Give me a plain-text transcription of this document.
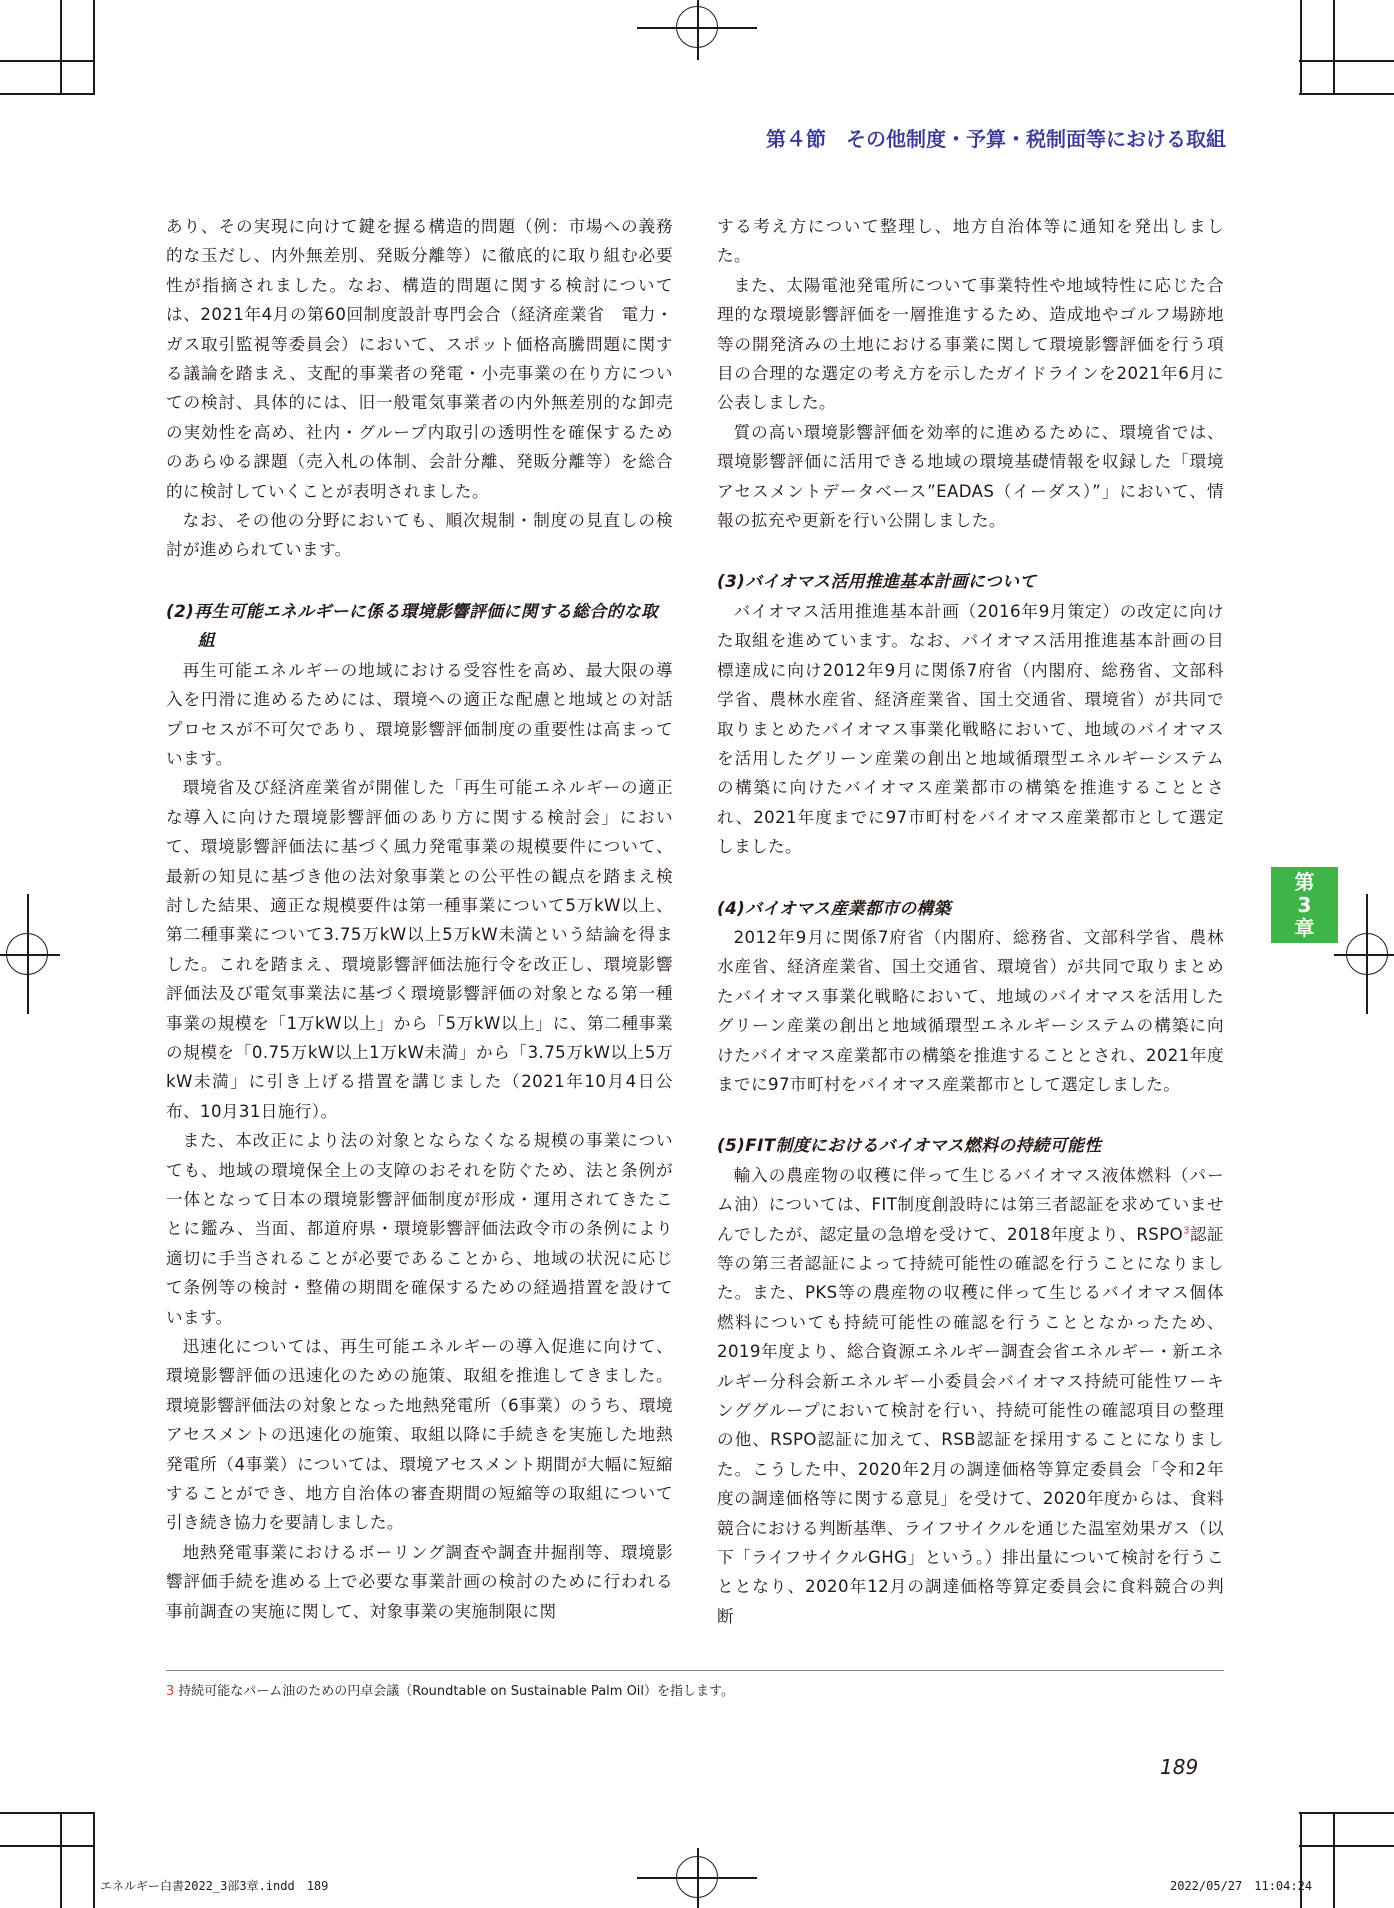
第４節　その他制度・予算・税制面等における取組

あり、その実現に向けて鍵を握る構造的問題（例：市場への義務的な玉だし、内外無差別、発販分離等）に徹底的に取り組む必要性が指摘されました。なお、構造的問題に関する検討については、2021年4月の第60回制度設計専門会合（経済産業省　電力・ガス取引監視等委員会）において、スポット価格高騰問題に関する議論を踏まえ、支配的事業者の発電・小売事業の在り方についての検討、具体的には、旧一般電気事業者の内外無差別的な卸売の実効性を高め、社内・グループ内取引の透明性を確保するためのあらゆる課題（売入札の体制、会計分離、発販分離等）を総合的に検討していくことが表明されました。

なお、その他の分野においても、順次規制・制度の見直しの検討が進められています。

(2)再生可能エネルギーに係る環境影響評価に関する総合的な取組

再生可能エネルギーの地域における受容性を高め、最大限の導入を円滑に進めるためには、環境への適正な配慮と地域との対話プロセスが不可欠であり、環境影響評価制度の重要性は高まっています。

環境省及び経済産業省が開催した「再生可能エネルギーの適正な導入に向けた環境影響評価のあり方に関する検討会」において、環境影響評価法に基づく風力発電事業の規模要件について、最新の知見に基づき他の法対象事業との公平性の観点を踏まえ検討した結果、適正な規模要件は第一種事業について5万kW以上、第二種事業について3.75万kW以上5万kW未満という結論を得ました。これを踏まえ、環境影響評価法施行令を改正し、環境影響評価法及び電気事業法に基づく環境影響評価の対象となる第一種事業の規模を「1万kW以上」から「5万kW以上」に、第二種事業の規模を「0.75万kW以上1万kW未満」から「3.75万kW以上5万kW未満」に引き上げる措置を講じました（2021年10月4日公布、10月31日施行）。

また、本改正により法の対象とならなくなる規模の事業についても、地域の環境保全上の支障のおそれを防ぐため、法と条例が一体となって日本の環境影響評価制度が形成・運用されてきたことに鑑み、当面、都道府県・環境影響評価法政令市の条例により適切に手当されることが必要であることから、地域の状況に応じて条例等の検討・整備の期間を確保するための経過措置を設けています。

迅速化については、再生可能エネルギーの導入促進に向けて、環境影響評価の迅速化のための施策、取組を推進してきました。環境影響評価法の対象となった地熱発電所（6事業）のうち、環境アセスメントの迅速化の施策、取組以降に手続きを実施した地熱発電所（4事業）については、環境アセスメント期間が大幅に短縮することができ、地方自治体の審査期間の短縮等の取組について引き続き協力を要請しました。

地熱発電事業におけるボーリング調査や調査井掘削等、環境影響評価手続を進める上で必要な事業計画の検討のために行われる事前調査の実施に関して、対象事業の実施制限に関

する考え方について整理し、地方自治体等に通知を発出しました。

また、太陽電池発電所について事業特性や地域特性に応じた合理的な環境影響評価を一層推進するため、造成地やゴルフ場跡地等の開発済みの土地における事業に関して環境影響評価を行う項目の合理的な選定の考え方を示したガイドラインを2021年6月に公表しました。

質の高い環境影響評価を効率的に進めるために、環境省では、環境影響評価に活用できる地域の環境基礎情報を収録した「環境アセスメントデータベース”EADAS（イーダス）”」において、情報の拡充や更新を行い公開しました。

(3)バイオマス活用推進基本計画について

バイオマス活用推進基本計画（2016年9月策定）の改定に向けた取組を進めています。なお、バイオマス活用推進基本計画の目標達成に向け2012年9月に関係7府省（内閣府、総務省、文部科学省、農林水産省、経済産業省、国土交通省、環境省）が共同で取りまとめたバイオマス事業化戦略において、地域のバイオマスを活用したグリーン産業の創出と地域循環型エネルギーシステムの構築に向けたバイオマス産業都市の構築を推進することとされ、2021年度までに97市町村をバイオマス産業都市として選定しました。

(4)バイオマス産業都市の構築

2012年9月に関係7府省（内閣府、総務省、文部科学省、農林水産省、経済産業省、国土交通省、環境省）が共同で取りまとめたバイオマス事業化戦略において、地域のバイオマスを活用したグリーン産業の創出と地域循環型エネルギーシステムの構築に向けたバイオマス産業都市の構築を推進することとされ、2021年度までに97市町村をバイオマス産業都市として選定しました。

(5)FIT制度におけるバイオマス燃料の持続可能性

輸入の農産物の収穫に伴って生じるバイオマス液体燃料（パーム油）については、FIT制度創設時には第三者認証を求めていませんでしたが、認定量の急増を受けて、2018年度より、RSPO$^3$認証等の第三者認証によって持続可能性の確認を行うことになりました。また、PKS等の農産物の収穫に伴って生じるバイオマス個体燃料についても持続可能性の確認を行うこととなかったため、2019年度より、総合資源エネルギー調査会省エネルギー・新エネルギー分科会新エネルギー小委員会バイオマス持続可能性ワーキンググループにおいて検討を行い、持続可能性の確認項目の整理の他、RSPO認証に加えて、RSB認証を採用することになりました。こうした中、2020年2月の調達価格等算定委員会「令和2年度の調達価格等に関する意見」を受けて、2020年度からは、食料競合における判断基準、ライフサイクルを通じた温室効果ガス（以下「ライフサイクルGHG」という。）排出量について検討を行うこととなり、2020年12月の調達価格等算定委員会に食料競合の判断

第
3
章
3 持続可能なパーム油のための円卓会議（Roundtable on Sustainable Palm Oil）を指します。
189
エネルギー白書2022_3部3章.indd　189	2022/05/27　11:04:24
